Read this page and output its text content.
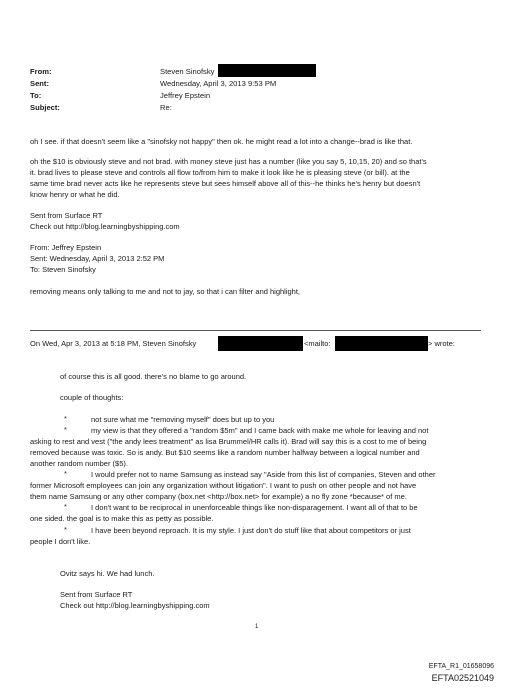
From:	Steven Sinofsky
Sent:	Wednesday, April 3, 2013 9:53 PM
To:	Jeffrey Epstein
Subject:	Re:

oh I see. if that doesn't seem like a "sinofsky not happy" then ok. he might read a lot into a change--brad is like that.

oh the $10 is obviously steve and not brad. with money steve just has a number (like you say 5, 10,15, 20) and so that's

it. brad lives to please steve and controls all flow to/from him to make it look like he is pleasing steve (or bill). at the

same time brad never acts like he represents steve but sees himself above all of this--he thinks he's henry but doesn't

know henry or what he did.

Sent from Surface RT

Check out http://blog.learningbyshipping.com

From: Jeffrey Epstein

Sent: Wednesday, April 3, 2013 2:52 PM

To: Steven Sinofsky

removing means only talking to me and not to jay, so that i can filter and highlight,

On Wed, Apr 3, 2013 at 5:18 PM, Steven Sinofsky	<mailto:	> wrote:

of course this is all good. there's no blame to go around.

couple of thoughts:

*	not sure what me "removing myself" does but up to you

*	my view is that they offered a "random $5m" and I came back with make me whole for leaving and not

asking to rest and vest ("the andy lees treatment" as lisa Brummel/HR calls it). Brad will say this is a cost to me of being

removed because was toxic. So is andy. But $10 seems like a random number halfway between a logical number and

another random number ($5).

*	I would prefer not to name Samsung as instead say "Aside from this list of companies, Steven and other

former Microsoft employees can join any organization without litigation". I want to push on other people and not have

them name Samsung or any other company (box.net <http://box.net> for example) a no fly zone *because* of me.

*	I don't want to be reciprocal in unenforceable things like non-disparagement. I want all of that to be

one sided. the goal is to make this as petty as possible.

*	I have been beyond reproach. It is my style. I just don't do stuff like that about competitors or just

people I don't like.

Ovitz says hi. We had lunch.

Sent from Surface RT

Check out http://blog.learningbyshipping.com

1
EFTA_R1_01658096
EFTA02521049
